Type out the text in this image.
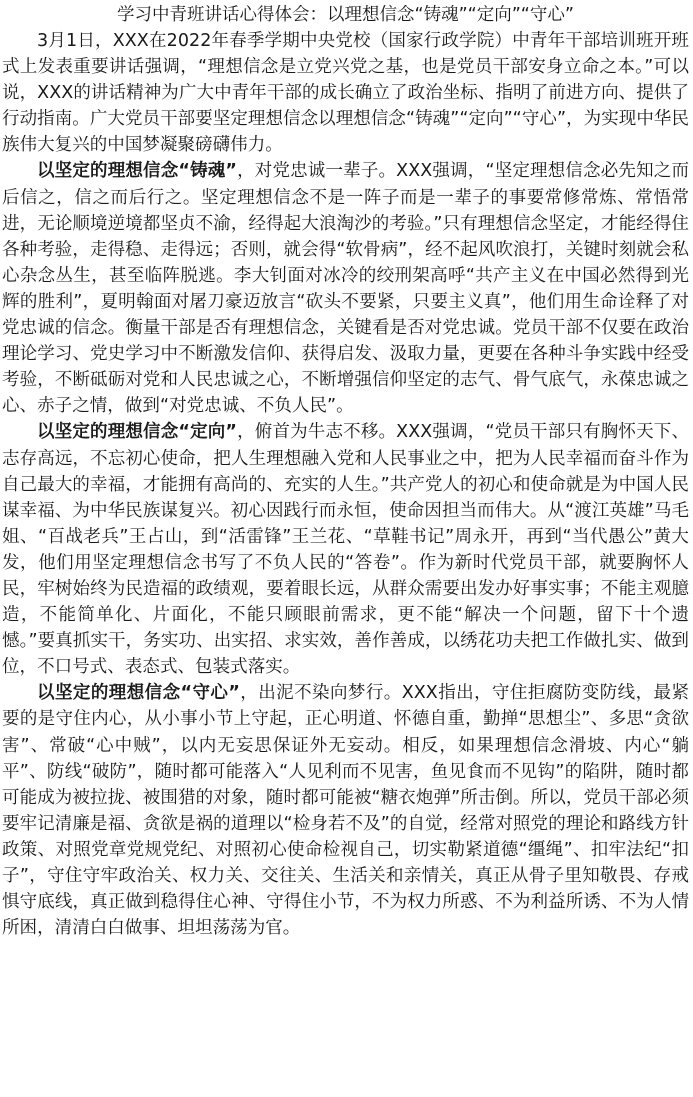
学习中青班讲话心得体会：以理想信念“铸魂”“定向”“守心”

3月1日，XXX在2022年春季学期中央党校（国家行政学院）中青年干部培训班开班式上发表重要讲话强调，“理想信念是立党兴党之基，也是党员干部安身立命之本。”可以说，XXX的讲话精神为广大中青年干部的成长确立了政治坐标、指明了前进方向、提供了行动指南。广大党员干部要坚定理想信念以理想信念“铸魂”“定向”“守心”，为实现中华民族伟大复兴的中国梦凝聚磅礴伟力。

以坚定的理想信念“铸魂”，对党忠诚一辈子。XXX强调，“坚定理想信念必先知之而后信之，信之而后行之。坚定理想信念不是一阵子而是一辈子的事要常修常炼、常悟常进，无论顺境逆境都坚贞不渝，经得起大浪淘沙的考验。”只有理想信念坚定，才能经得住各种考验，走得稳、走得远；否则，就会得“软骨病”，经不起风吹浪打，关键时刻就会私心杂念丛生，甚至临阵脱逃。李大钊面对冰冷的绞刑架高呼“共产主义在中国必然得到光辉的胜利”，夏明翰面对屠刀豪迈放言“砍头不要紧，只要主义真”，他们用生命诠释了对党忠诚的信念。衡量干部是否有理想信念，关键看是否对党忠诚。党员干部不仅要在政治理论学习、党史学习中不断激发信仰、获得启发、汲取力量，更要在各种斗争实践中经受考验，不断砥砺对党和人民忠诚之心，不断增强信仰坚定的志气、骨气底气，永葆忠诚之心、赤子之情，做到“对党忠诚、不负人民”。

以坚定的理想信念“定向”，俯首为牛志不移。XXX强调，“党员干部只有胸怀天下、志存高远，不忘初心使命，把人生理想融入党和人民事业之中，把为人民幸福而奋斗作为自己最大的幸福，才能拥有高尚的、充实的人生。”共产党人的初心和使命就是为中国人民谋幸福、为中华民族谋复兴。初心因践行而永恒，使命因担当而伟大。从“渡江英雄”马毛姐、“百战老兵”王占山，到“活雷锋”王兰花、“草鞋书记”周永开，再到“当代愚公”黄大发，他们用坚定理想信念书写了不负人民的“答卷”。作为新时代党员干部，就要胸怀人民，牢树始终为民造福的政绩观，要着眼长远，从群众需要出发办好事实事；不能主观臆造，不能简单化、片面化，不能只顾眼前需求，更不能“解决一个问题，留下十个遗憾。”要真抓实干，务实功、出实招、求实效，善作善成，以绣花功夫把工作做扎实、做到位，不口号式、表态式、包装式落实。

以坚定的理想信念“守心”，出泥不染向梦行。XXX指出，守住拒腐防变防线，最紧要的是守住内心，从小事小节上守起，正心明道、怀德自重，勤掸“思想尘”、多思“贪欲害”、常破“心中贼”，以内无妄思保证外无妄动。相反，如果理想信念滑坡、内心“躺平”、防线“破防”，随时都可能落入“人见利而不见害，鱼见食而不见钩”的陷阱，随时都可能成为被拉拢、被围猎的对象，随时都可能被“糖衣炮弹”所击倒。所以，党员干部必须要牢记清廉是福、贪欲是祸的道理以“检身若不及”的自觉，经常对照党的理论和路线方针政策、对照党章党规党纪、对照初心使命检视自己，切实勒紧道德“缰绳”、扣牢法纪“扣子”，守住守牢政治关、权力关、交往关、生活关和亲情关，真正从骨子里知敬畏、存戒惧守底线，真正做到稳得住心神、守得住小节，不为权力所惑、不为利益所诱、不为人情所困，清清白白做事、坦坦荡荡为官。
